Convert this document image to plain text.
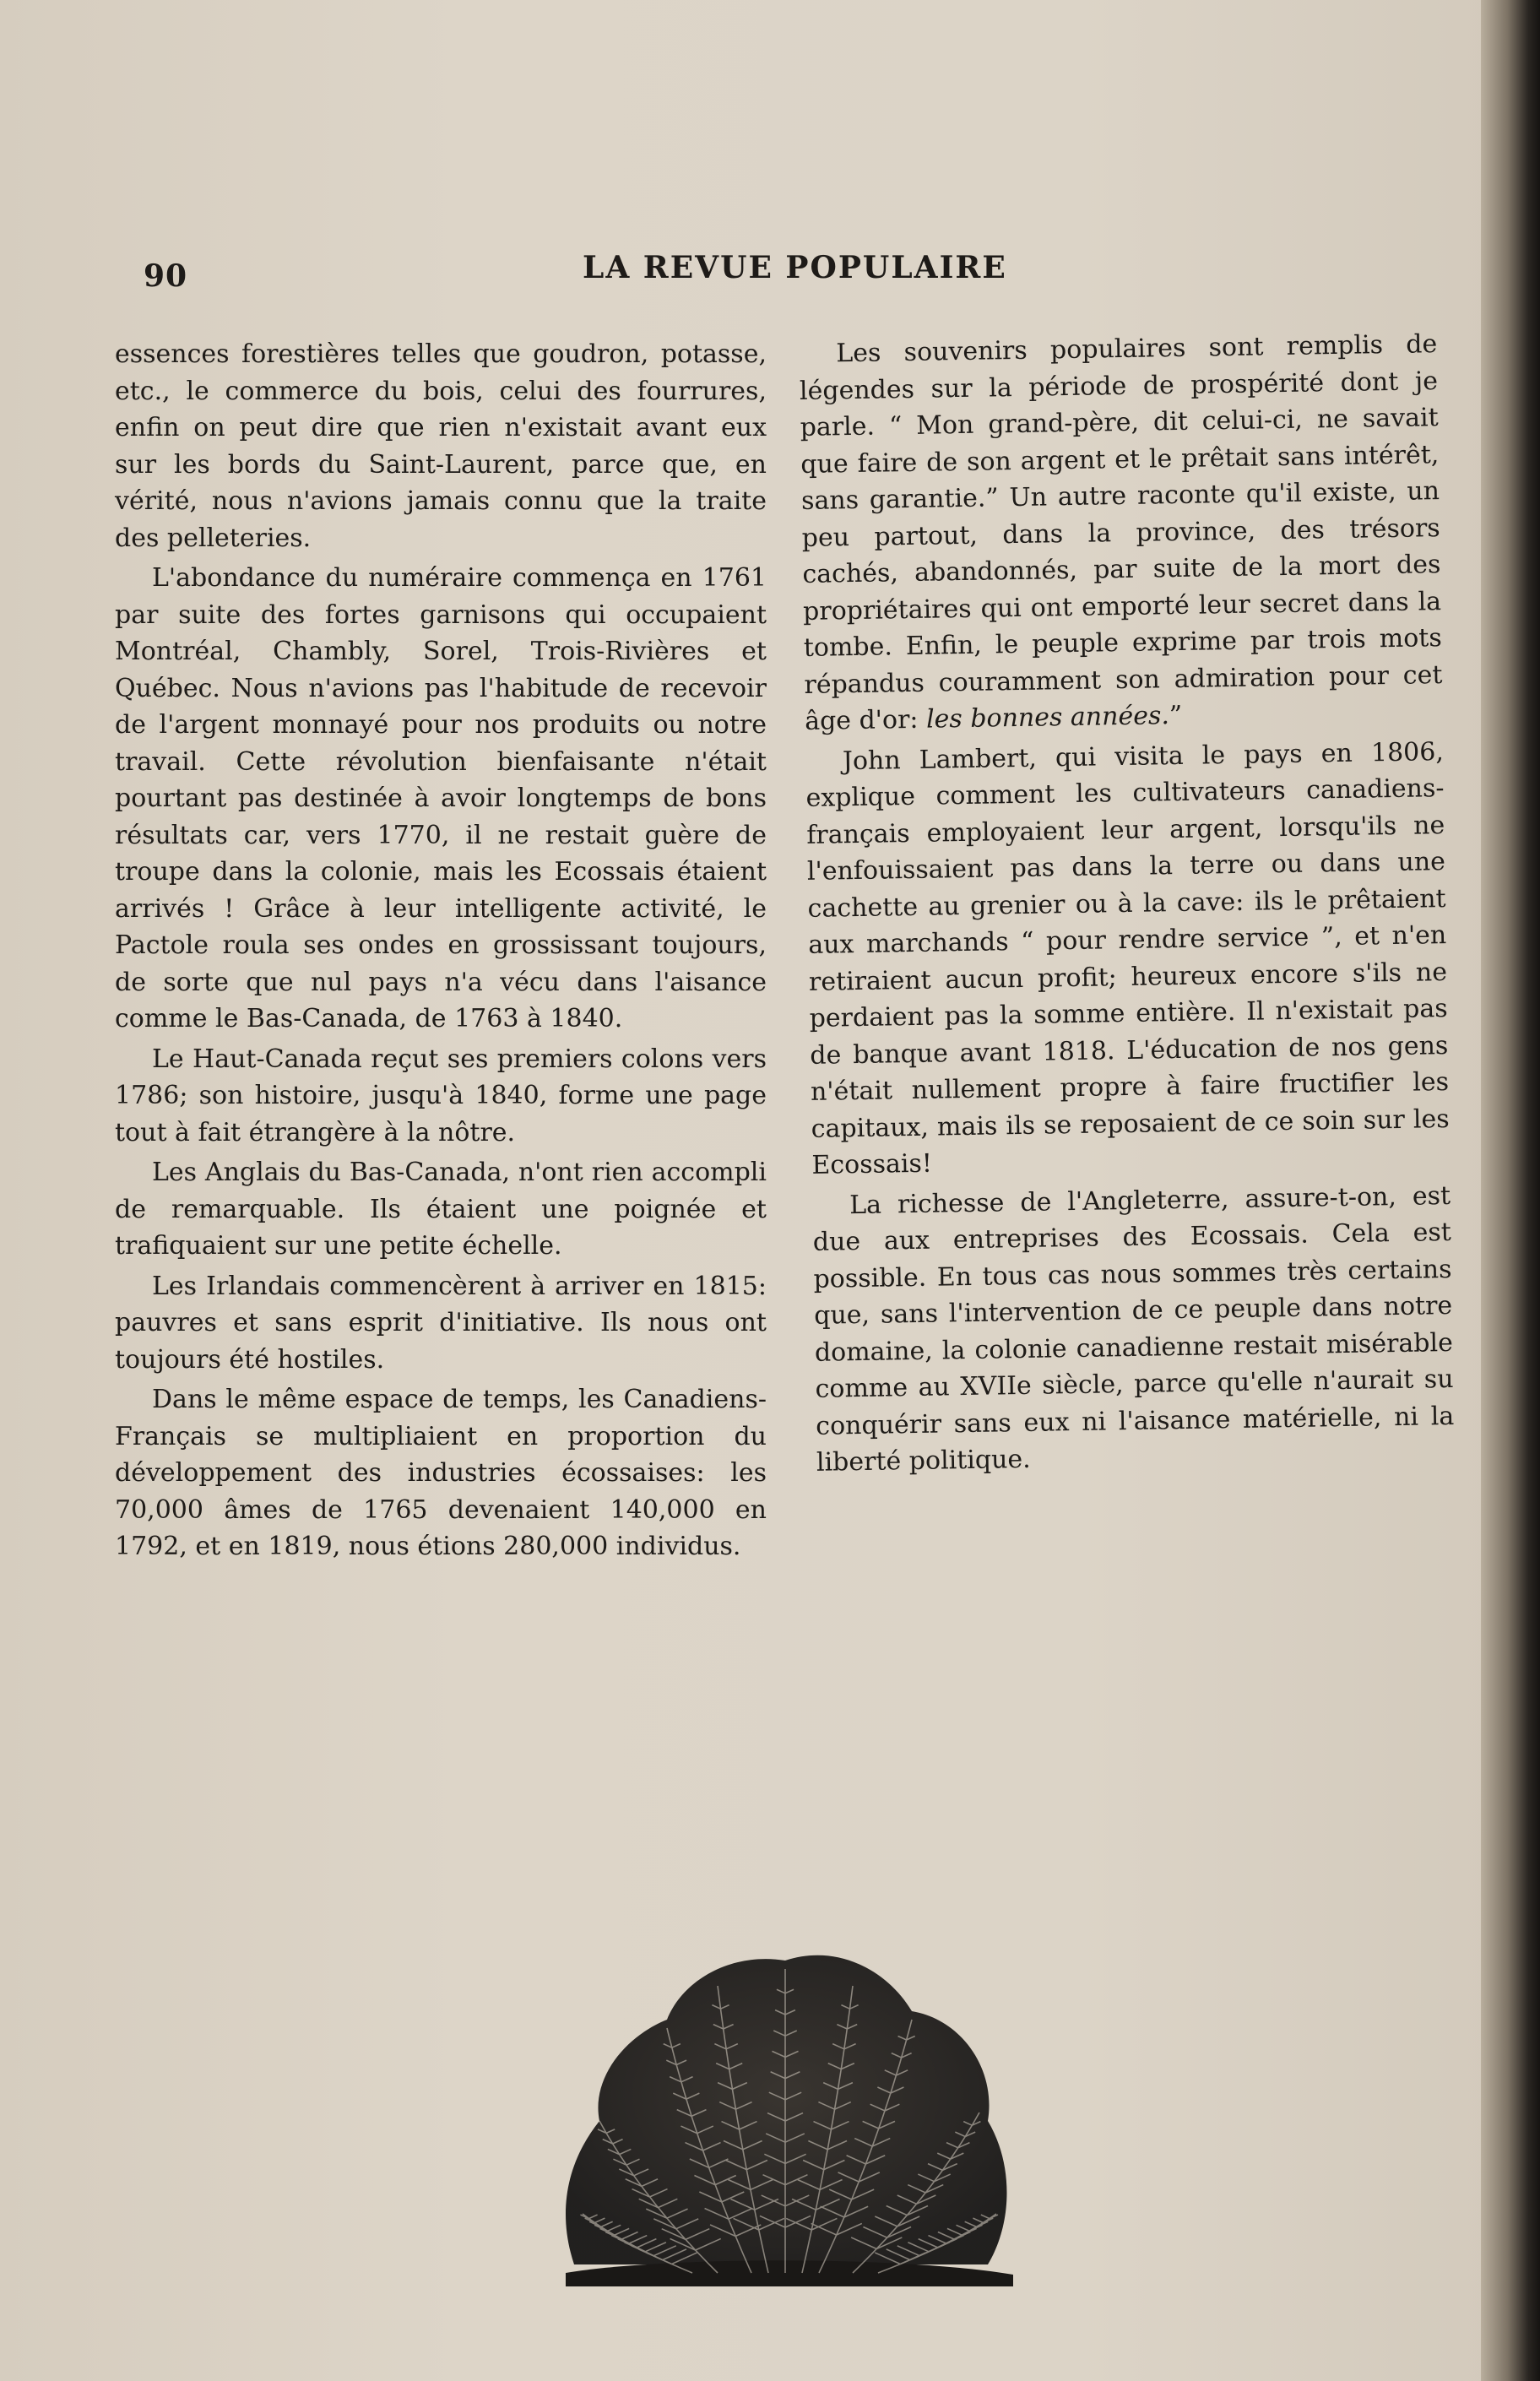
90	LA REVUE POPULAIRE

essences forestières telles que goudron, potasse, etc., le commerce du bois, celui des fourrures, enfin on peut dire que rien n'existait avant eux sur les bords du Saint-Laurent, parce que, en vérité, nous n'avions jamais connu que la traite des pelleteries.

L'abondance du numéraire commença en 1761 par suite des fortes garnisons qui occupaient Montréal, Chambly, Sorel, Trois-Rivières et Québec. Nous n'avions pas l'habitude de recevoir de l'argent monnayé pour nos produits ou notre travail. Cette révolution bienfaisante n'était pourtant pas destinée à avoir longtemps de bons résultats car, vers 1770, il ne restait guère de troupe dans la colonie, mais les Ecossais étaient arrivés ! Grâce à leur intelligente activité, le Pactole roula ses ondes en grossissant toujours, de sorte que nul pays n'a vécu dans l'aisance comme le Bas-Canada, de 1763 à 1840.

Le Haut-Canada reçut ses premiers colons vers 1786; son histoire, jusqu'à 1840, forme une page tout à fait étrangère à la nôtre.

Les Anglais du Bas-Canada, n'ont rien accompli de remarquable. Ils étaient une poignée et trafiquaient sur une petite échelle.

Les Irlandais commencèrent à arriver en 1815: pauvres et sans esprit d'initiative. Ils nous ont toujours été hostiles.

Dans le même espace de temps, les Canadiens-Français se multipliaient en proportion du développement des industries écossaises: les 70,000 âmes de 1765 devenaient 140,000 en 1792, et en 1819, nous étions 280,000 individus.

Les souvenirs populaires sont remplis de légendes sur la période de prospérité dont je parle. “ Mon grand-père, dit celui-ci, ne savait que faire de son argent et le prêtait sans intérêt, sans garantie.” Un autre raconte qu'il existe, un peu partout, dans la province, des trésors cachés, abandonnés, par suite de la mort des propriétaires qui ont emporté leur secret dans la tombe. Enfin, le peuple exprime par trois mots répandus couramment son admiration pour cet âge d'or: les bonnes années.”

John Lambert, qui visita le pays en 1806, explique comment les cultivateurs canadiens-français employaient leur argent, lorsqu'ils ne l'enfouissaient pas dans la terre ou dans une cachette au grenier ou à la cave: ils le prêtaient aux marchands “ pour rendre service ”, et n'en retiraient aucun profit; heureux encore s'ils ne perdaient pas la somme entière. Il n'existait pas de banque avant 1818. L'éducation de nos gens n'était nullement propre à faire fructifier les capitaux, mais ils se reposaient de ce soin sur les Ecossais!

La richesse de l'Angleterre, assure-t-on, est due aux entreprises des Ecossais. Cela est possible. En tous cas nous sommes très certains que, sans l'intervention de ce peuple dans notre domaine, la colonie canadienne restait misérable comme au XVIIe siècle, parce qu'elle n'aurait su conquérir sans eux ni l'aisance matérielle, ni la liberté politique.
